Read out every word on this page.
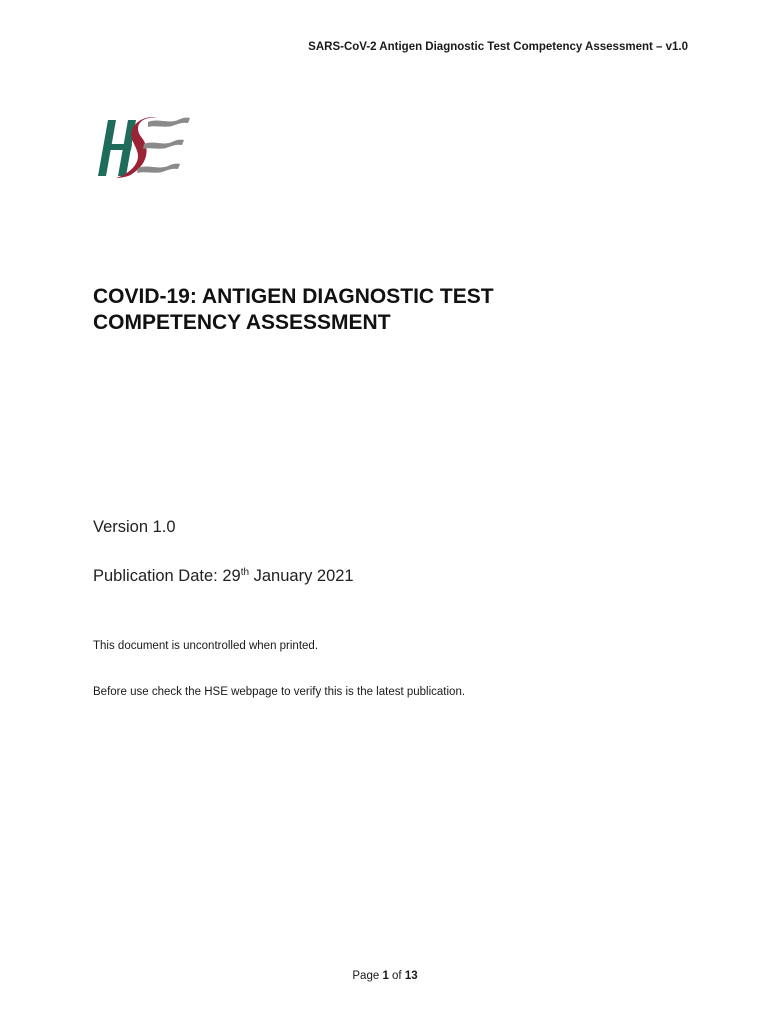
SARS-CoV-2 Antigen Diagnostic Test Competency Assessment – v1.0
COVID-19: ANTIGEN DIAGNOSTIC TEST
COMPETENCY ASSESSMENT
Version 1.0
Publication Date: 29th January 2021
This document is uncontrolled when printed.
Before use check the HSE webpage to verify this is the latest publication.
Page 1 of 13
